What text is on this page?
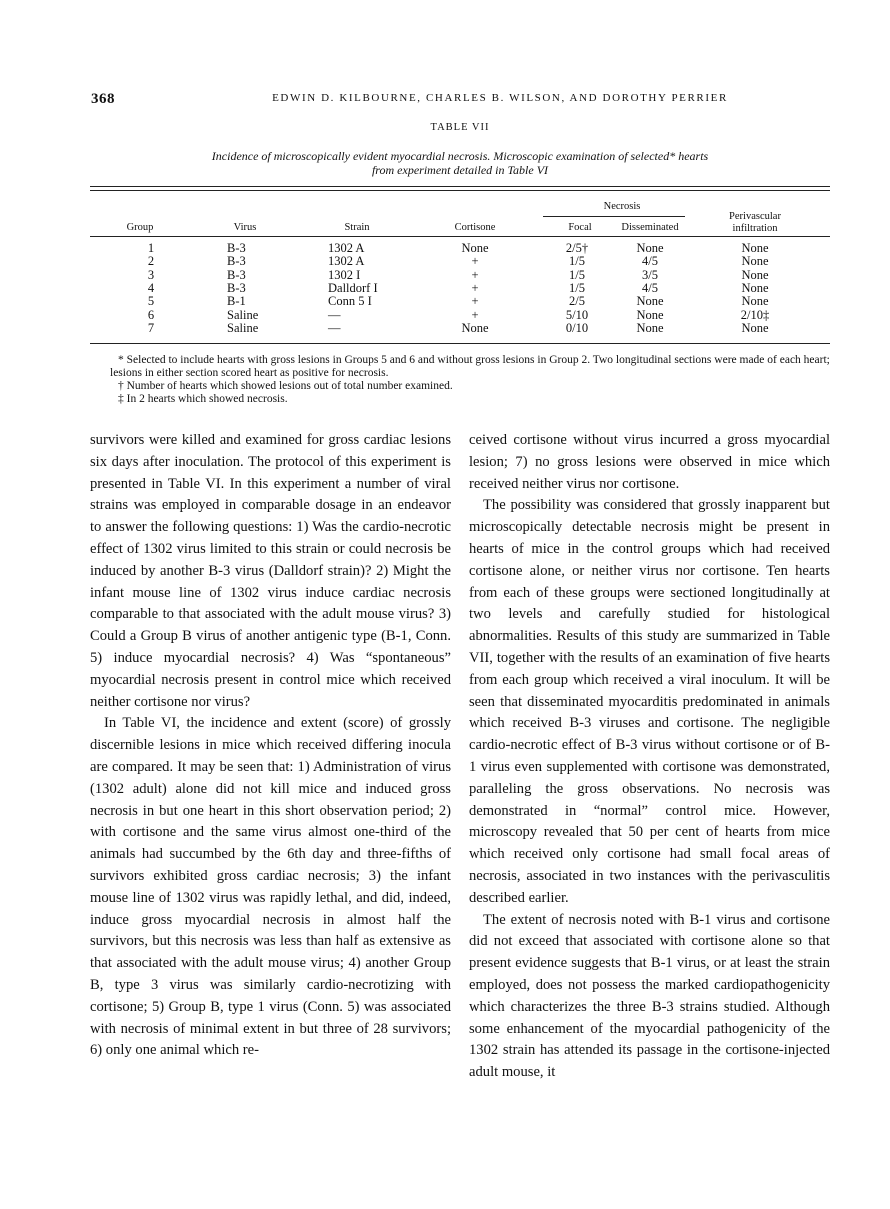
368	EDWIN D. KILBOURNE, CHARLES B. WILSON, AND DOROTHY PERRIER
TABLE VII
Incidence of microscopically evident myocardial necrosis. Microscopic examination of selected* hearts
from experiment detailed in Table VI
Necrosis
Group	Virus	Strain	Cortisone	Focal	Disseminated
Perivascular
infiltration
1	B-3	1302 A	None	2/5†	None	None
2	B-3	1302 A	+	1/5	4/5	None
3	B-3	1302 I	+	1/5	3/5	None
4	B-3	Dalldorf I	+	1/5	4/5	None
5	B-1	Conn 5 I	+	2/5	None	None
6	Saline	—	+	5/10	None	2/10‡
7	Saline	—	None	0/10	None	None

* Selected to include hearts with gross lesions in Groups 5 and 6 and without gross lesions in Group 2. Two longitudinal sections were made of each heart; lesions in either section scored heart as positive for necrosis.

† Number of hearts which showed lesions out of total number examined.

‡ In 2 hearts which showed necrosis.

survivors were killed and examined for gross cardiac lesions six days after inoculation. The protocol of this experiment is presented in Table VI. In this experiment a number of viral strains was employed in comparable dosage in an endeavor to answer the following questions: 1) Was the cardio-necrotic effect of 1302 virus limited to this strain or could necrosis be induced by another B-3 virus (Dalldorf strain)? 2) Might the infant mouse line of 1302 virus induce cardiac necrosis comparable to that associated with the adult mouse virus? 3) Could a Group B virus of another antigenic type (B-1, Conn. 5) induce myocardial necrosis? 4) Was “spontaneous” myocardial necrosis present in control mice which received neither cortisone nor virus?

In Table VI, the incidence and extent (score) of grossly discernible lesions in mice which received differing inocula are compared. It may be seen that: 1) Administration of virus (1302 adult) alone did not kill mice and induced gross necrosis in but one heart in this short observation period; 2) with cortisone and the same virus almost one-third of the animals had succumbed by the 6th day and three-fifths of survivors exhibited gross cardiac necrosis; 3) the infant mouse line of 1302 virus was rapidly lethal, and did, indeed, induce gross myocardial necrosis in almost half the survivors, but this necrosis was less than half as extensive as that associated with the adult mouse virus; 4) another Group B, type 3 virus was similarly cardio-necrotizing with cortisone; 5) Group B, type 1 virus (Conn. 5) was associated with necrosis of minimal extent in but three of 28 survivors; 6) only one animal which re-

ceived cortisone without virus incurred a gross myocardial lesion; 7) no gross lesions were observed in mice which received neither virus nor cortisone.

The possibility was considered that grossly inapparent but microscopically detectable necrosis might be present in hearts of mice in the control groups which had received cortisone alone, or neither virus nor cortisone. Ten hearts from each of these groups were sectioned longitudinally at two levels and carefully studied for histological abnormalities. Results of this study are summarized in Table VII, together with the results of an examination of five hearts from each group which received a viral inoculum. It will be seen that disseminated myocarditis predominated in animals which received B-3 viruses and cortisone. The negligible cardio-necrotic effect of B-3 virus without cortisone or of B-1 virus even supplemented with cortisone was demonstrated, paralleling the gross observations. No necrosis was demonstrated in “normal” control mice. However, microscopy revealed that 50 per cent of hearts from mice which received only cortisone had small focal areas of necrosis, associated in two instances with the perivasculitis described earlier.

The extent of necrosis noted with B-1 virus and cortisone did not exceed that associated with cortisone alone so that present evidence suggests that B-1 virus, or at least the strain employed, does not possess the marked cardiopathogenicity which characterizes the three B-3 strains studied. Although some enhancement of the myocardial pathogenicity of the 1302 strain has attended its passage in the cortisone-injected adult mouse, it
